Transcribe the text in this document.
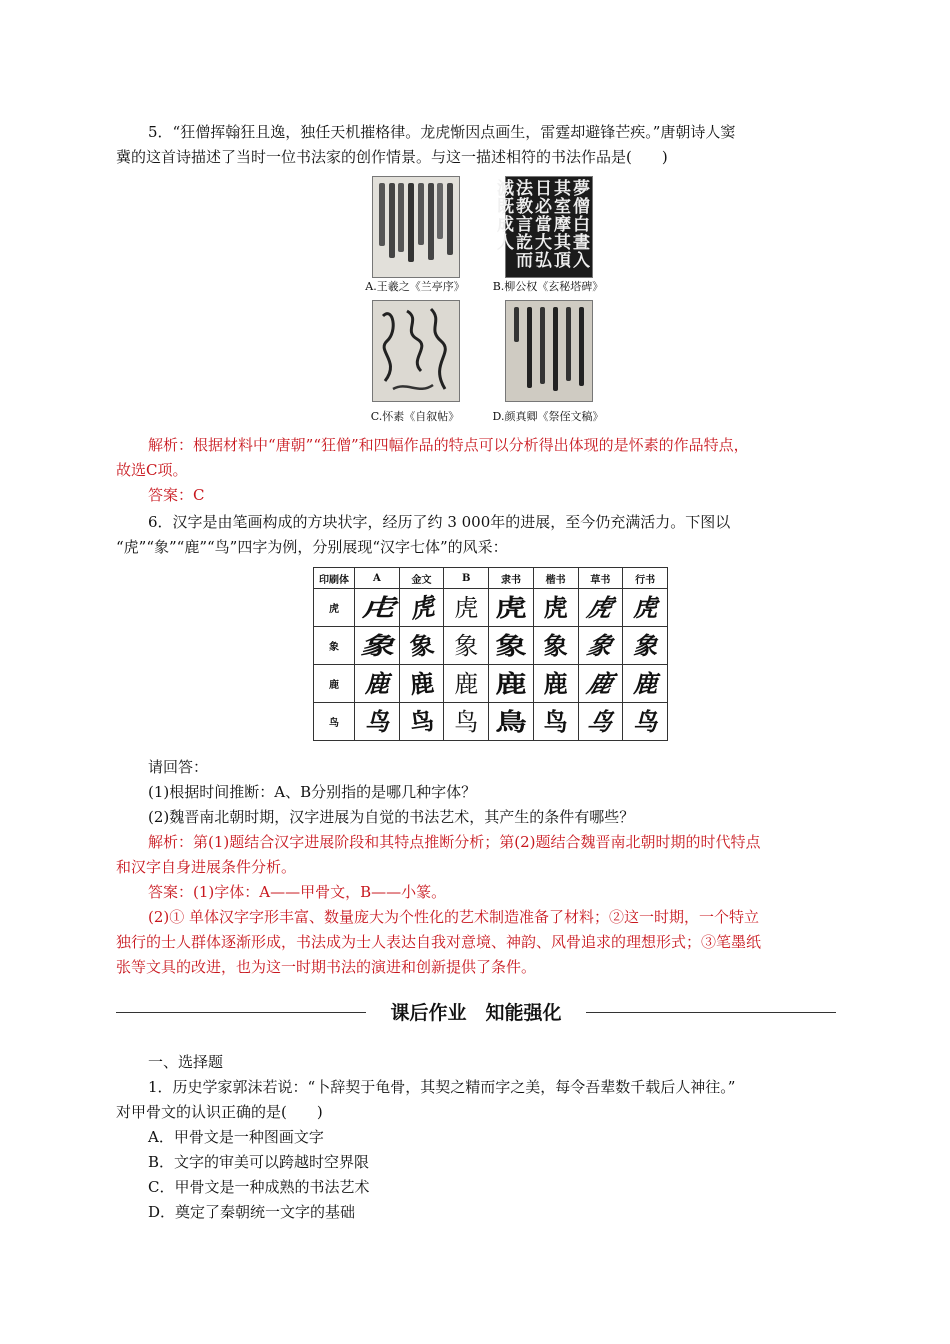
5．“狂僧挥翰狂且逸，独任天机摧格律。龙虎惭因点画生，雷霆却避锋芒疾。”唐朝诗人窦

冀的这首诗描述了当时一位书法家的创作情景。与这一描述相符的书法作品是(　　)

A.王羲之《兰亭序》
夢僧白晝入其室摩其頂日必當大弘法教言訖而滅既成人
B.柳公权《玄秘塔碑》
C.怀素《自叙帖》	D.颜真卿《祭侄文稿》

解析：根据材料中“唐朝”“狂僧”和四幅作品的特点可以分析得出体现的是怀素的作品特点，

故选C项。

答案：C

6．汉字是由笔画构成的方块状字，经历了约 3 000年的进展，至今仍充满活力。下图以

“虎”“象”“鹿”“鸟”四字为例，分别展现“汉字七体”的风采：

印刷体	A	金文	B	隶书	楷书	草书	行书
虎	虍	虎	虎	虎	虎	虎	虎
象	象	象	象	象	象	象	象
鹿	鹿	鹿	鹿	鹿	鹿	鹿	鹿
鸟	鸟	鸟	鸟	鳥	鸟	鸟	鸟

请回答：

(1)根据时间推断：A、B分别指的是哪几种字体？

(2)魏晋南北朝时期，汉字进展为自觉的书法艺术，其产生的条件有哪些？

解析：第(1)题结合汉字进展阶段和其特点推断分析；第(2)题结合魏晋南北朝时期的时代特点

和汉字自身进展条件分析。

答案：(1)字体：A——甲骨文，B——小篆。

(2)① 单体汉字字形丰富、数量庞大为个性化的艺术制造准备了材料；②这一时期，一个特立

独行的士人群体逐渐形成，书法成为士人表达自我对意境、神韵、风骨追求的理想形式；③笔墨纸

张等文具的改进，也为这一时期书法的演进和创新提供了条件。

课后作业　知能强化

一、选择题

1．历史学家郭沫若说：“卜辞契于龟骨，其契之精而字之美，每令吾辈数千载后人神往。”

对甲骨文的认识正确的是(　　)

A．甲骨文是一种图画文字

B．文字的审美可以跨越时空界限

C．甲骨文是一种成熟的书法艺术

D．奠定了秦朝统一文字的基础
